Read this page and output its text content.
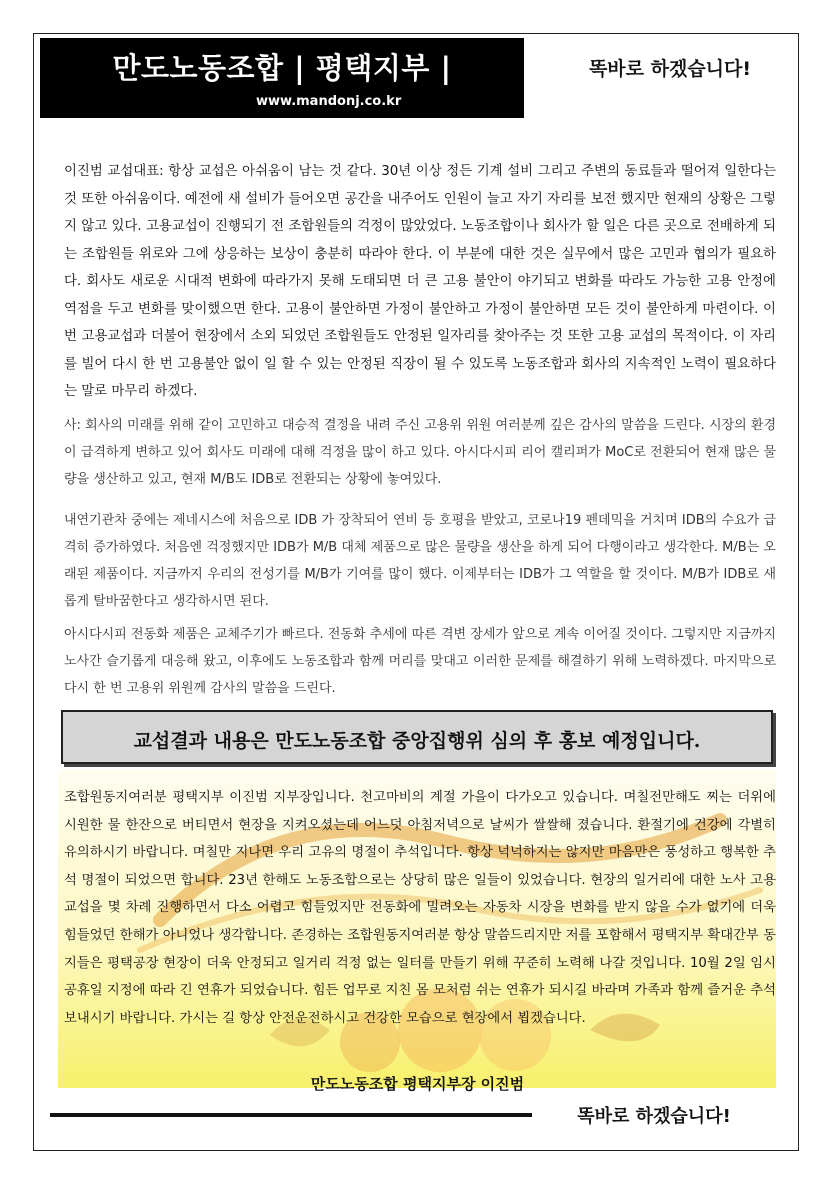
만도노동조합 | 평택지부 |
www.mandonj.co.kr
똑바로 하겠습니다!

이진범 교섭대표: 항상 교섭은 아쉬움이 남는 것 같다. 30년 이상 정든 기계 설비 그리고 주변의 동료들과 떨어져 일한다는 것 또한 아쉬움이다. 예전에 새 설비가 들어오면 공간을 내주어도 인원이 늘고 자기 자리를 보전 했지만 현재의 상황은 그렇지 않고 있다. 고용교섭이 진행되기 전 조합원들의 걱정이 많았었다. 노동조합이나 회사가 할 일은 다른 곳으로 전배하게 되는 조합원들 위로와 그에 상응하는 보상이 충분히 따라야 한다. 이 부분에 대한 것은 실무에서 많은 고민과 협의가 필요하다. 회사도 새로운 시대적 변화에 따라가지 못해 도태되면 더 큰 고용 불안이 야기되고 변화를 따라도 가능한 고용 안정에 역점을 두고 변화를 맞이했으면 한다. 고용이 불안하면 가정이 불안하고 가정이 불안하면 모든 것이 불안하게 마련이다. 이번 고용교섭과 더불어 현장에서 소외 되었던 조합원들도 안정된 일자리를 찾아주는 것 또한 고용 교섭의 목적이다. 이 자리를 빌어 다시 한 번 고용불안 없이 일 할 수 있는 안정된 직장이 될 수 있도록 노동조합과 회사의 지속적인 노력이 필요하다는 말로 마무리 하겠다.

사: 회사의 미래를 위해 같이 고민하고 대승적 결정을 내려 주신 고용위 위원 여러분께 깊은 감사의 말씀을 드린다. 시장의 환경이 급격하게 변하고 있어 회사도 미래에 대해 걱정을 많이 하고 있다. 아시다시피 리어 캘리퍼가 MoC로 전환되어 현재 많은 물량을 생산하고 있고, 현재 M/B도 IDB로 전환되는 상황에 놓여있다.

내연기관차 중에는 제네시스에 처음으로 IDB 가 장착되어 연비 등 호평을 받았고, 코로나19 펜데믹을 거치며 IDB의 수요가 급격히 증가하였다. 처음엔 걱정했지만 IDB가 M/B 대체 제품으로 많은 물량을 생산을 하게 되어 다행이라고 생각한다. M/B는 오래된 제품이다. 지금까지 우리의 전성기를 M/B가 기여를 많이 했다. 이제부터는 IDB가 그 역할을 할 것이다. M/B가 IDB로 새롭게 탈바꿈한다고 생각하시면 된다.

아시다시피 전동화 제품은 교체주기가 빠르다. 전동화 추세에 따른 격변 장세가 앞으로 계속 이어질 것이다. 그렇지만 지금까지 노사간 슬기롭게 대응해 왔고, 이후에도 노동조합과 함께 머리를 맞대고 이러한 문제를 해결하기 위해 노력하겠다. 마지막으로 다시 한 번 고용위 위원께 감사의 말씀을 드린다.

교섭결과 내용은 만도노동조합 중앙집행위 심의 후 홍보 예정입니다.

조합원동지여러분 평택지부 이진범 지부장입니다. 천고마비의 계절 가을이 다가오고 있습니다. 며칠전만해도 찌는 더위에 시원한 물 한잔으로 버티면서 현장을 지켜오셨는데 어느덧 아침저녁으로 날씨가 쌀쌀해 졌습니다. 환절기에 건강에 각별히 유의하시기 바랍니다. 며칠만 지나면 우리 고유의 명절이 추석입니다. 항상 넉넉하지는 않지만 마음만은 풍성하고 행복한 추석 명절이 되었으면 합니다. 23년 한해도 노동조합으로는 상당히 많은 일들이 있었습니다. 현장의 일거리에 대한 노사 고용교섭을 몇 차례 진행하면서 다소 어렵고 힘들었지만 전동화에 밀려오는 자동차 시장을 변화를 받지 않을 수가 없기에 더욱 힘들었던 한해가 아니었나 생각합니다. 존경하는 조합원동지여러분 항상 말씀드리지만 저를 포함해서 평택지부 확대간부 동지들은 평택공장 현장이 더욱 안정되고 일거리 걱정 없는 일터를 만들기 위해 꾸준히 노력해 나갈 것입니다. 10월 2일 임시공휴일 지정에 따라 긴 연휴가 되었습니다. 힘든 업무로 지친 몸 모처럼 쉬는 연휴가 되시길 바라며 가족과 함께 즐거운 추석 보내시기 바랍니다. 가시는 길 항상 안전운전하시고 건강한 모습으로 현장에서 뵙겠습니다.

만도노동조합 평택지부장 이진범
똑바로 하겠습니다!
